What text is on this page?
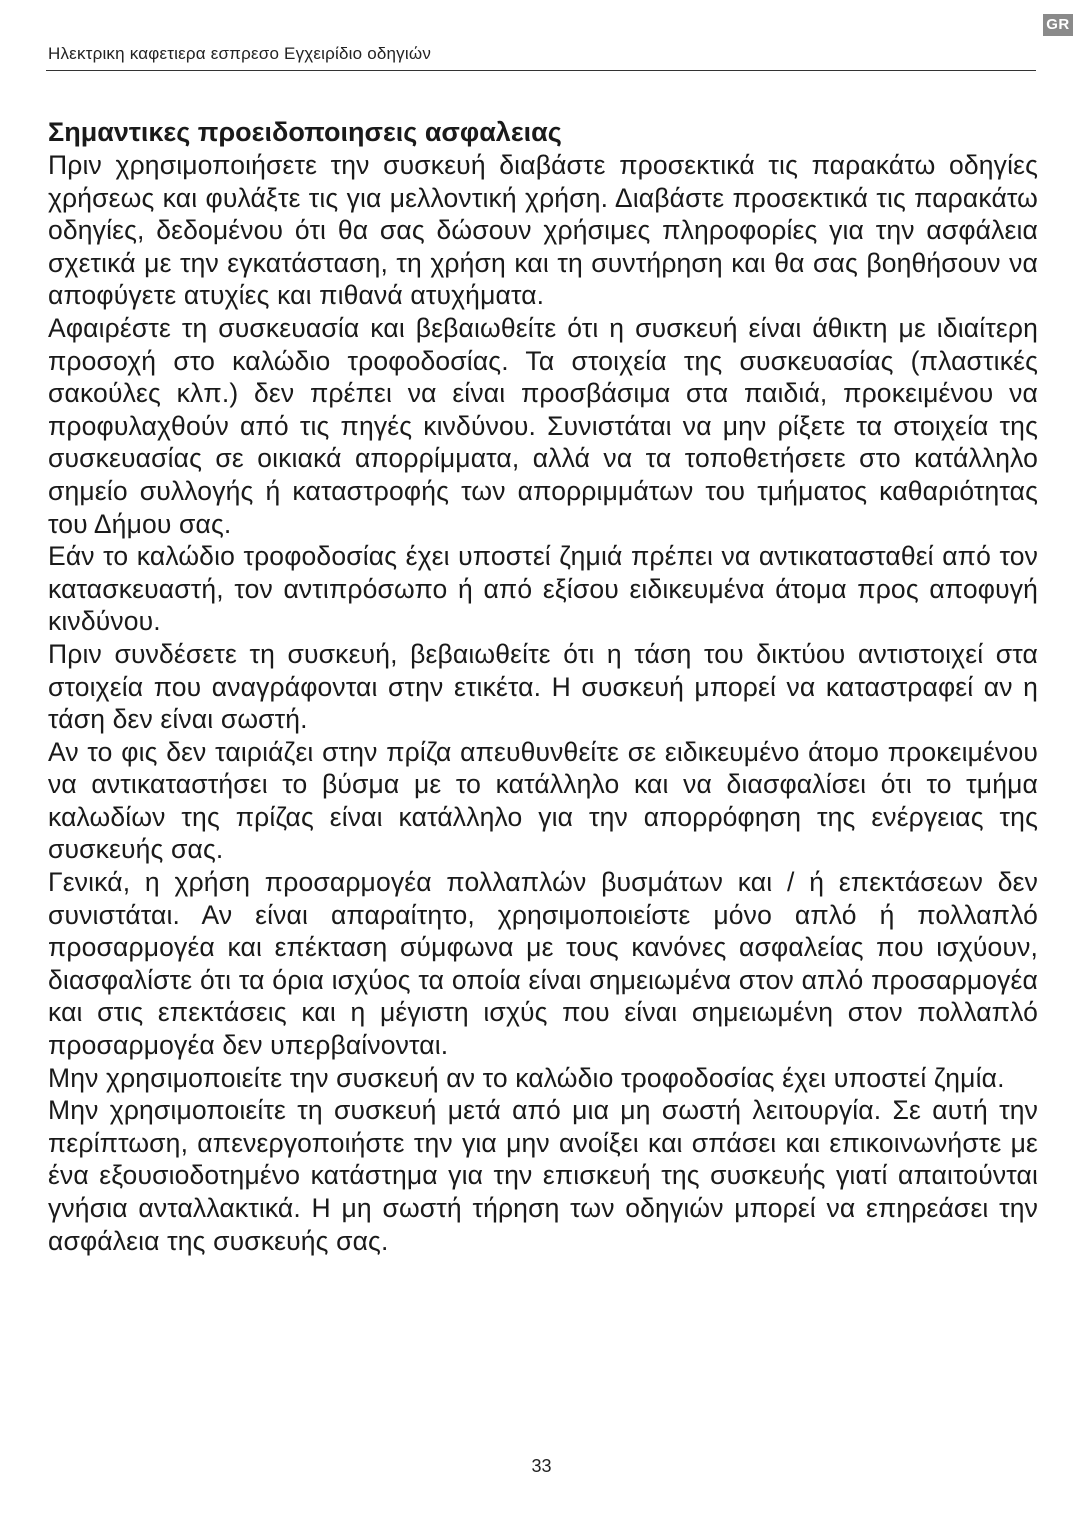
GR
Ηλεκτρικη καφετιερα εσπρεσο Εγχειρίδιο οδηγιών
Σημαντικες προειδοποιησεις ασφαλειας

Πριν χρησιμοποιήσετε την συσκευή διαβάστε προσεκτικά τις παρακάτω οδηγίες χρήσεως και φυλάξτε τις για μελλοντική χρήση. Διαβάστε προσεκτικά τις παρακάτω οδηγίες, δεδομένου ότι θα σας δώσουν χρήσιμες πληροφορίες για την ασφάλεια σχετικά με την εγκατάσταση, τη χρήση και τη συντήρηση και θα σας βοηθήσουν να αποφύγετε ατυχίες και πιθανά ατυχήματα.

Αφαιρέστε τη συσκευασία και βεβαιωθείτε ότι η συσκευή είναι άθικτη με ιδιαίτερη προσοχή στο καλώδιο τροφοδοσίας. Τα στοιχεία της συσκευασίας (πλαστικές σακούλες κλπ.) δεν πρέπει να είναι προσβάσιμα στα παιδιά, προκειμένου να προφυλαχθούν από τις πηγές κινδύνου. Συνιστάται να μην ρίξετε τα στοιχεία της συσκευασίας σε οικιακά απορρίμματα, αλλά να τα τοποθετήσετε στο κατάλληλο σημείο συλλογής ή καταστροφής των απορριμμάτων του τμήματος καθαριότητας του Δήμου σας.

Εάν το καλώδιο τροφοδοσίας έχει υποστεί ζημιά πρέπει να αντικατασταθεί από τον κατασκευαστή, τον αντιπρόσωπο ή από εξίσου ειδικευμένα άτομα προς αποφυγή κινδύνου.

Πριν συνδέσετε τη συσκευή, βεβαιωθείτε ότι η τάση του δικτύου αντιστοιχεί στα στοιχεία που αναγράφονται στην ετικέτα. Η συσκευή μπορεί να καταστραφεί αν η τάση δεν είναι σωστή.

Αν το φις δεν ταιριάζει στην πρίζα απευθυνθείτε σε ειδικευμένο άτομο προκειμένου να αντικαταστήσει το βύσμα με το κατάλληλο και να διασφαλίσει ότι το τμήμα καλωδίων της πρίζας είναι κατάλληλο για την απορρόφηση της ενέργειας της συσκευής σας.

Γενικά, η χρήση προσαρμογέα πολλαπλών βυσμάτων και / ή επεκτάσεων δεν συνιστάται. Αν είναι απαραίτητο, χρησιμοποιείστε μόνο απλό ή πολλαπλό προσαρμογέα και επέκταση σύμφωνα με τους κανόνες ασφαλείας που ισχύουν, διασφαλίστε ότι τα όρια ισχύος τα οποία είναι σημειωμένα στον απλό προσαρμογέα και στις επεκτάσεις και η μέγιστη ισχύς που είναι σημειωμένη στον πολλαπλό προσαρμογέα δεν υπερβαίνονται.

Μην χρησιμοποιείτε την συσκευή αν το καλώδιο τροφοδοσίας έχει υποστεί ζημία.

Μην χρησιμοποιείτε τη συσκευή μετά από μια μη σωστή λειτουργία. Σε αυτή την περίπτωση, απενεργοποιήστε την για μην ανοίξει και σπάσει και επικοινωνήστε με ένα εξουσιοδοτημένο κατάστημα για την επισκευή της συσκευής γιατί απαιτούνται γνήσια ανταλλακτικά. Η μη σωστή τήρηση των οδηγιών μπορεί να επηρεάσει την ασφάλεια της συσκευής σας.

33
